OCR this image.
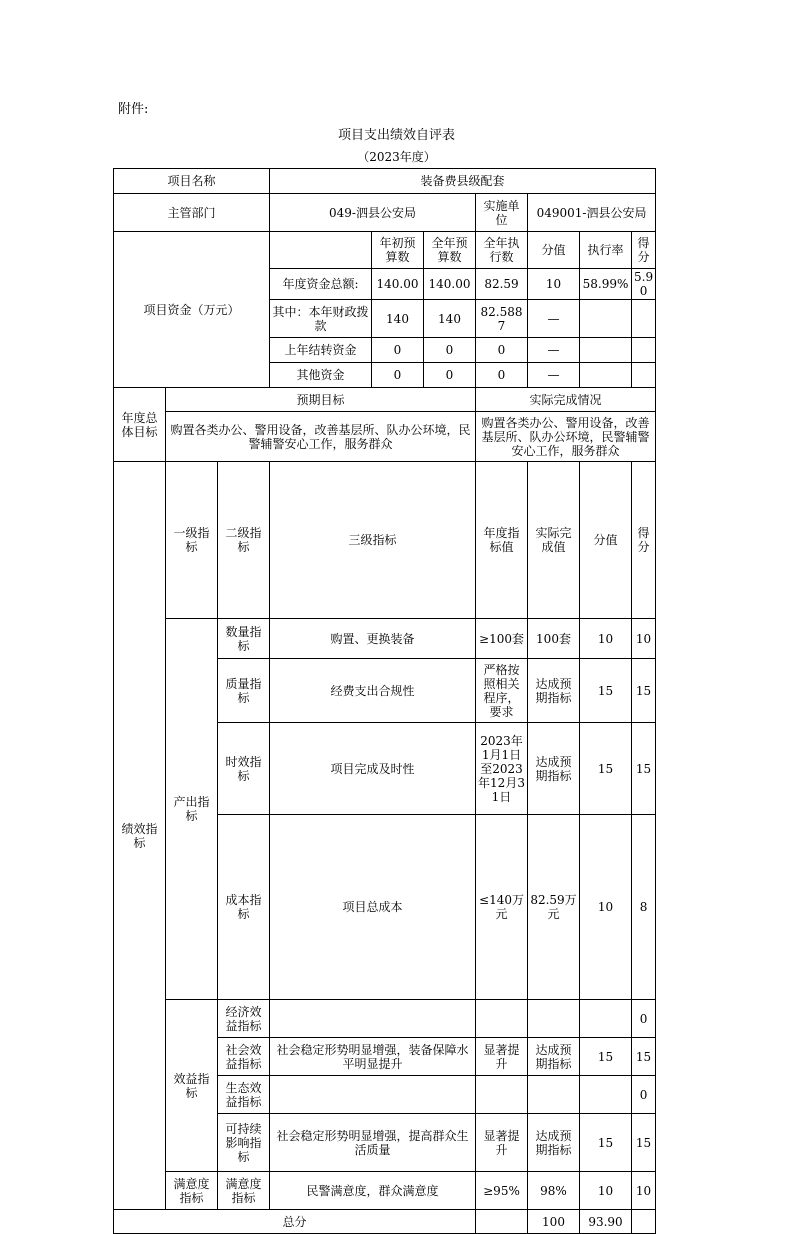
附件:
项目支出绩效自评表
（2023年度）
项目名称			装备费县级配套							
主管部门			049-泗县公安局			实施单位	049001-泗县公安局			
项目资金（万元）				年初预算数	全年预算数	全年执行数	分值	执行率	得分	
			年度资金总额:	140.00	140.00	82.59	10	58.99%	5.90	
			其中：本年财政拨款	140	140	82.5887	—			
			上年结转资金	0	0	0	—			
			其他资金	0	0	0	—			
年度总体目标	预期目标					实际完成情况				
	购置各类办公、警用设备，改善基层所、队办公环境，民警辅警安心工作，服务群众					购置各类办公、警用设备，改善基层所、队办公环境，民警辅警安心工作，服务群众				
绩效指标	一级指标	二级指标	三级指标			年度指标值	实际完成值	分值	得分	
	产出指标	数量指标	购置、更换装备			≥100套	100套	10	10	
		质量指标	经费支出合规性			严格按照相关程序，要求	达成预期指标	15	15	
		时效指标	项目完成及时性			2023年1月1日至2023年12月31日	达成预期指标	15	15	
		成本指标	项目总成本			≤140万元	82.59万元	10	8	
	效益指标	经济效益指标							0	
		社会效益指标	社会稳定形势明显增强，装备保障水平明显提升			显著提升	达成预期指标	15	15	
		生态效益指标							0	
		可持续影响指标	社会稳定形势明显增强，提高群众生活质量			显著提升	达成预期指标	15	15	
	满意度指标	满意度指标	民警满意度，群众满意度			≥95%	98%	10	10	
总分							100	93.90		
